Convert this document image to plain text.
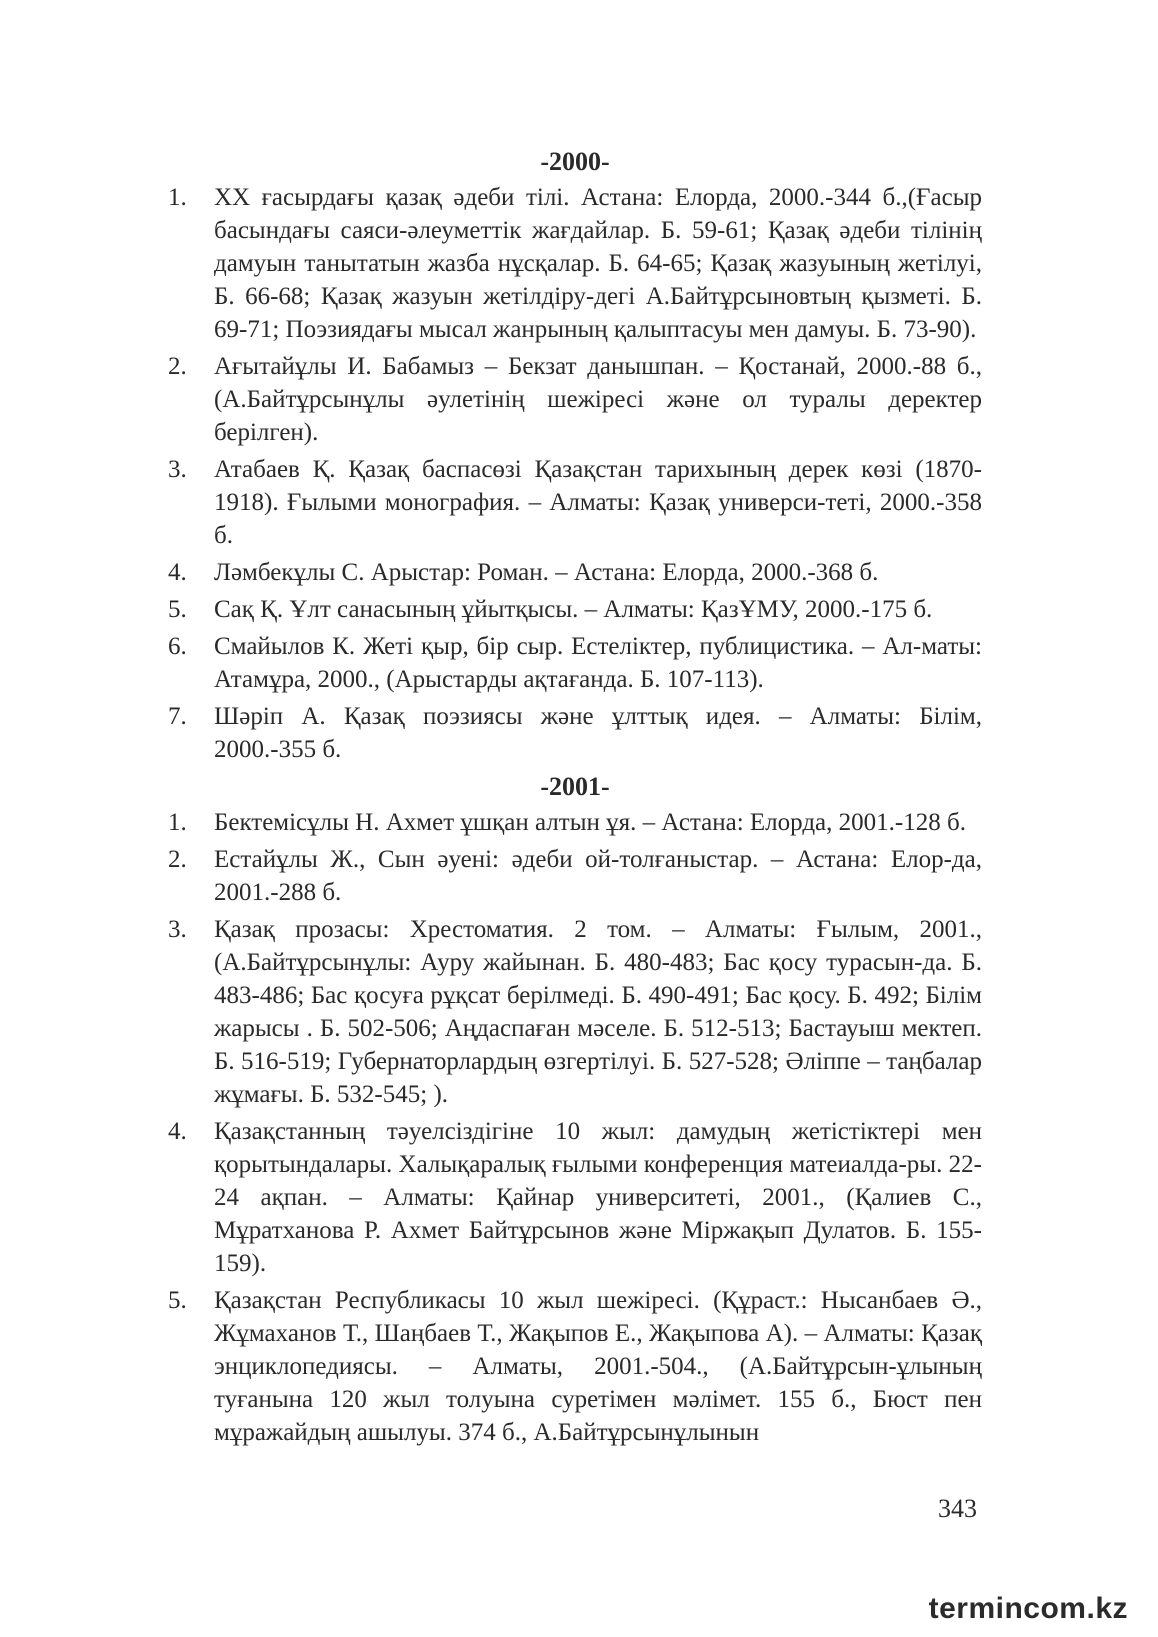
-2000-
1. XX ғасырдағы қазақ әдеби тілі. Астана: Елорда, 2000.-344 б.,(Ғасыр басындағы саяси-әлеуметтік жағдайлар. Б. 59-61; Қазақ әдеби тілінің дамуын танытатын жазба нұсқалар. Б. 64-65; Қазақ жазуының жетілуі, Б. 66-68; Қазақ жазуын жетілдіру-дегі А.Байтұрсыновтың қызметі. Б. 69-71; Поэзиядағы мысал жанрының қалыптасуы мен дамуы. Б. 73-90).
2. Ағытайұлы И. Бабамыз – Бекзат данышпан. – Қостанай, 2000.-88 б., (А.Байтұрсынұлы әулетінің шежіресі және ол туралы деректер берілген).
3. Атабаев Қ. Қазақ баспасөзі Қазақстан тарихының дерек көзі (1870-1918). Ғылыми монография. – Алматы: Қазақ универси-теті, 2000.-358 б.
4. Ләмбекұлы С. Арыстар: Роман. – Астана: Елорда, 2000.-368 б.
5. Сақ Қ. Ұлт санасының ұйытқысы. – Алматы: ҚазҰМУ, 2000.-175 б.
6. Смайылов К. Жеті қыр, бір сыр. Естеліктер, публицистика. – Ал-маты: Атамұра, 2000., (Арыстарды ақтағанда. Б. 107-113).
7. Шәріп А. Қазақ поэзиясы және ұлттық идея. – Алматы: Білім, 2000.-355 б.
-2001-
1. Бектемісұлы Н. Ахмет ұшқан алтын ұя. – Астана: Елорда, 2001.-128 б.
2. Естайұлы Ж., Сын әуені: әдеби ой-толғаныстар. – Астана: Елор-да, 2001.-288 б.
3. Қазақ прозасы: Хрестоматия. 2 том. – Алматы: Ғылым, 2001., (А.Байтұрсынұлы: Ауру жайынан. Б. 480-483; Бас қосу турасын-да. Б. 483-486; Бас қосуға рұқсат берілмеді. Б. 490-491; Бас қосу. Б. 492; Білім жарысы . Б. 502-506; Аңдаспаған мәселе. Б. 512-513; Бастауыш мектеп. Б. 516-519; Губернаторлардың өзгертілуі. Б. 527-528; Әліппе – таңбалар жұмағы. Б. 532-545; ).
4. Қазақстанның тәуелсіздігіне 10 жыл: дамудың жетістіктері мен қорытындалары. Халықаралық ғылыми конференция матеиалда-ры. 22-24 ақпан. – Алматы: Қайнар университеті, 2001., (Қалиев С., Мұратханова Р. Ахмет Байтұрсынов және Міржақып Дулатов. Б. 155-159).
5. Қазақстан Республикасы 10 жыл шежіресі. (Құраст.: Нысанбаев Ә., Жұмаханов Т., Шаңбаев Т., Жақыпов Е., Жақыпова А). – Алматы: Қазақ энциклопедиясы. – Алматы, 2001.-504., (А.Байтұрсын-ұлының туғанына 120 жыл толуына суретімен мәлімет. 155 б., Бюст пен мұражайдың ашылуы. 374 б., А.Байтұрсынұлынын
343
termincom.kz
